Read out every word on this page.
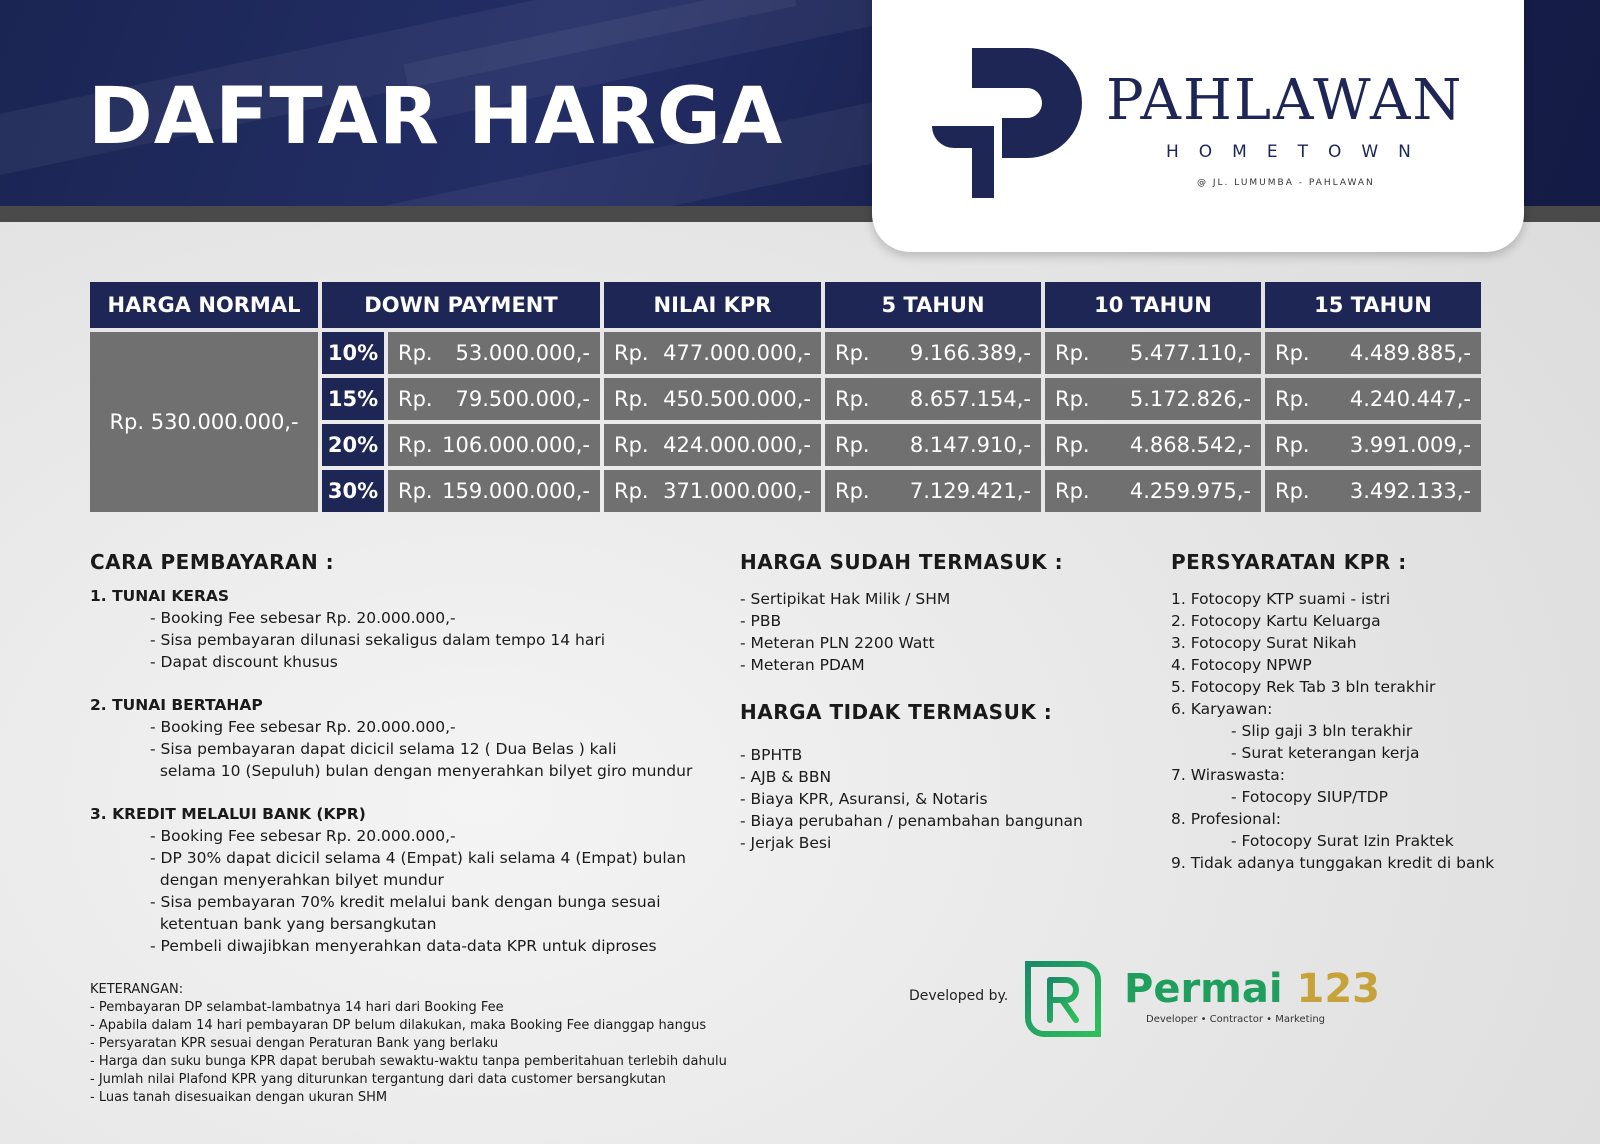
DAFTAR HARGA	PAHLAWAN
HOMETOWN
@ JL. LUMUMBA - PAHLAWAN
HARGA NORMAL	DOWN PAYMENT	NILAI KPR	5 TAHUN	10 TAHUN	15 TAHUN
Rp. 530.000.000,-
10% Rp. 53.000.000,- Rp. 477.000.000,- Rp. 9.166.389,- Rp. 5.477.110,- Rp. 4.489.885,-
15% Rp. 79.500.000,- Rp. 450.500.000,- Rp. 8.657.154,- Rp. 5.172.826,- Rp. 4.240.447,-
20% Rp. 106.000.000,- Rp. 424.000.000,- Rp. 8.147.910,- Rp. 4.868.542,- Rp. 3.991.009,-
30% Rp. 159.000.000,- Rp. 371.000.000,- Rp. 7.129.421,- Rp. 4.259.975,- Rp. 3.492.133,-
CARA PEMBAYARAN :

1. TUNAI KERAS

- Booking Fee sebesar Rp. 20.000.000,-

- Sisa pembayaran dilunasi sekaligus dalam tempo 14 hari

- Dapat discount khusus

2. TUNAI BERTAHAP

- Booking Fee sebesar Rp. 20.000.000,-

- Sisa pembayaran dapat dicicil selama 12 ( Dua Belas ) kali

selama 10 (Sepuluh) bulan dengan menyerahkan bilyet giro mundur

3. KREDIT MELALUI BANK (KPR)

- Booking Fee sebesar Rp. 20.000.000,-

- DP 30% dapat dicicil selama 4 (Empat) kali selama 4 (Empat) bulan

dengan menyerahkan bilyet mundur

- Sisa pembayaran 70% kredit melalui bank dengan bunga sesuai

ketentuan bank yang bersangkutan

- Pembeli diwajibkan menyerahkan data-data KPR untuk diproses

HARGA SUDAH TERMASUK :

- Sertipikat Hak Milik / SHM

- PBB

- Meteran PLN 2200 Watt

- Meteran PDAM

HARGA TIDAK TERMASUK :

- BPHTB

- AJB & BBN

- Biaya KPR, Asuransi, & Notaris

- Biaya perubahan / penambahan bangunan

- Jerjak Besi

PERSYARATAN KPR :

1. Fotocopy KTP suami - istri

2. Fotocopy Kartu Keluarga

3. Fotocopy Surat Nikah

4. Fotocopy NPWP

5. Fotocopy Rek Tab 3 bln terakhir

6. Karyawan:

- Slip gaji 3 bln terakhir

- Surat keterangan kerja

7. Wiraswasta:

- Fotocopy SIUP/TDP

8. Profesional:

- Fotocopy Surat Izin Praktek

9. Tidak adanya tunggakan kredit di bank

KETERANGAN:

- Pembayaran DP selambat-lambatnya 14 hari dari Booking Fee

- Apabila dalam 14 hari pembayaran DP belum dilakukan, maka Booking Fee dianggap hangus

- Persyaratan KPR sesuai dengan Peraturan Bank yang berlaku

- Harga dan suku bunga KPR dapat berubah sewaktu-waktu tanpa pemberitahuan terlebih dahulu

- Jumlah nilai Plafond KPR yang diturunkan tergantung dari data customer bersangkutan

- Luas tanah disesuaikan dengan ukuran SHM

Developed by.	Permai 123
Developer • Contractor • Marketing
